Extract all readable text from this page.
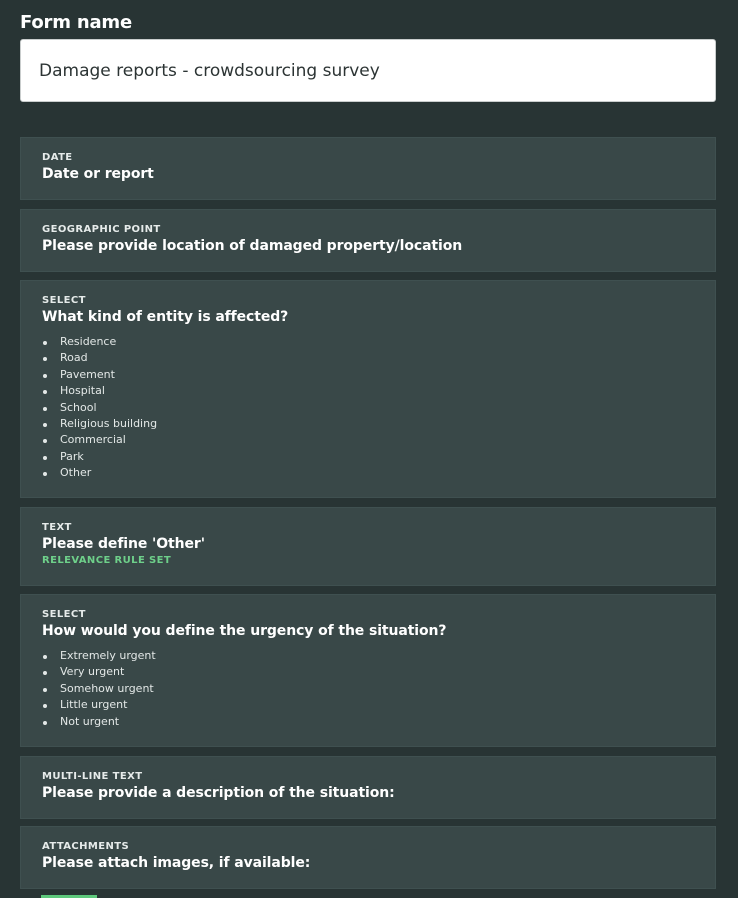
Form name
Damage reports - crowdsourcing survey
DATE
Date or report
GEOGRAPHIC POINT
Please provide location of damaged property/location
SELECT
What kind of entity is affected?
Residence
Road
Pavement
Hospital
School
Religious building
Commercial
Park
Other
TEXT
Please define 'Other'
RELEVANCE RULE SET
SELECT
How would you define the urgency of the situation?
Extremely urgent
Very urgent
Somehow urgent
Little urgent
Not urgent
MULTI-LINE TEXT
Please provide a description of the situation:
ATTACHMENTS
Please attach images, if available:
